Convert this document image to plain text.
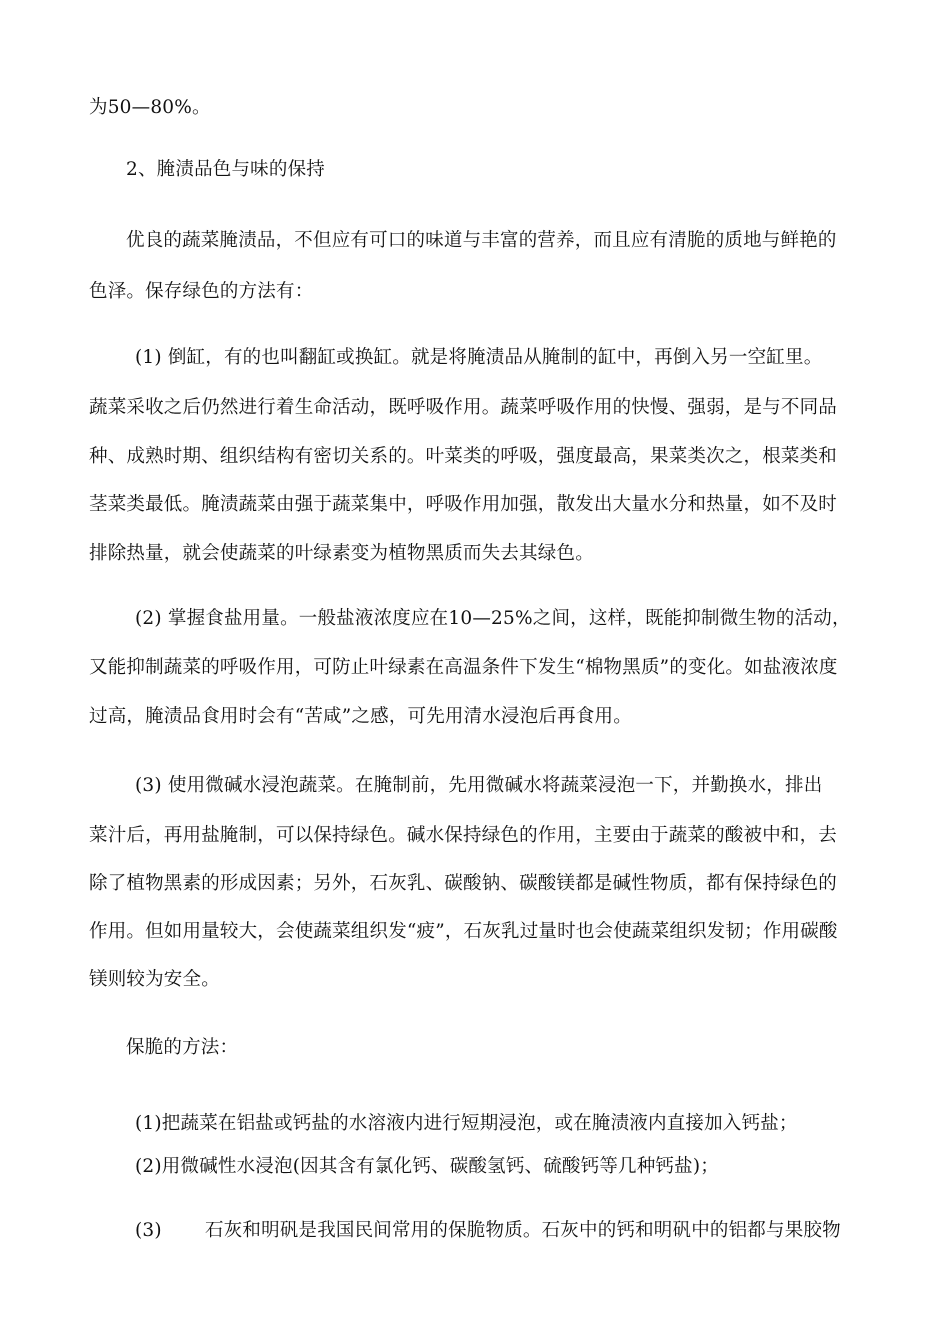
为50—80%。
2、腌渍品色与味的保持
优良的蔬菜腌渍品，不但应有可口的味道与丰富的营养，而且应有清脆的质地与鲜艳的
色泽。保存绿色的方法有：
(1) 倒缸，有的也叫翻缸或换缸。就是将腌渍品从腌制的缸中，再倒入另一空缸里。
蔬菜采收之后仍然进行着生命活动，既呼吸作用。蔬菜呼吸作用的快慢、强弱，是与不同品
种、成熟时期、组织结构有密切关系的。叶菜类的呼吸，强度最高，果菜类次之，根菜类和
茎菜类最低。腌渍蔬菜由强于蔬菜集中，呼吸作用加强，散发出大量水分和热量，如不及时
排除热量，就会使蔬菜的叶绿素变为植物黑质而失去其绿色。
(2) 掌握食盐用量。一般盐液浓度应在10—25%之间，这样，既能抑制微生物的活动，
又能抑制蔬菜的呼吸作用，可防止叶绿素在高温条件下发生“棉物黑质”的变化。如盐液浓度
过高，腌渍品食用时会有“苦咸”之感，可先用清水浸泡后再食用。
(3) 使用微碱水浸泡蔬菜。在腌制前，先用微碱水将蔬菜浸泡一下，并勤换水，排出
菜汁后，再用盐腌制，可以保持绿色。碱水保持绿色的作用，主要由于蔬菜的酸被中和，去
除了植物黑素的形成因素；另外，石灰乳、碳酸钠、碳酸镁都是碱性物质，都有保持绿色的
作用。但如用量较大，会使蔬菜组织发“疲”，石灰乳过量时也会使蔬菜组织发韧；作用碳酸
镁则较为安全。
保脆的方法：
(1)把蔬菜在铝盐或钙盐的水溶液内进行短期浸泡，或在腌渍液内直接加入钙盐；
(2)用微碱性水浸泡(因其含有氯化钙、碳酸氢钙、硫酸钙等几种钙盐)；
(3) 石灰和明矾是我国民间常用的保脆物质。石灰中的钙和明矾中的铝都与果胶物
